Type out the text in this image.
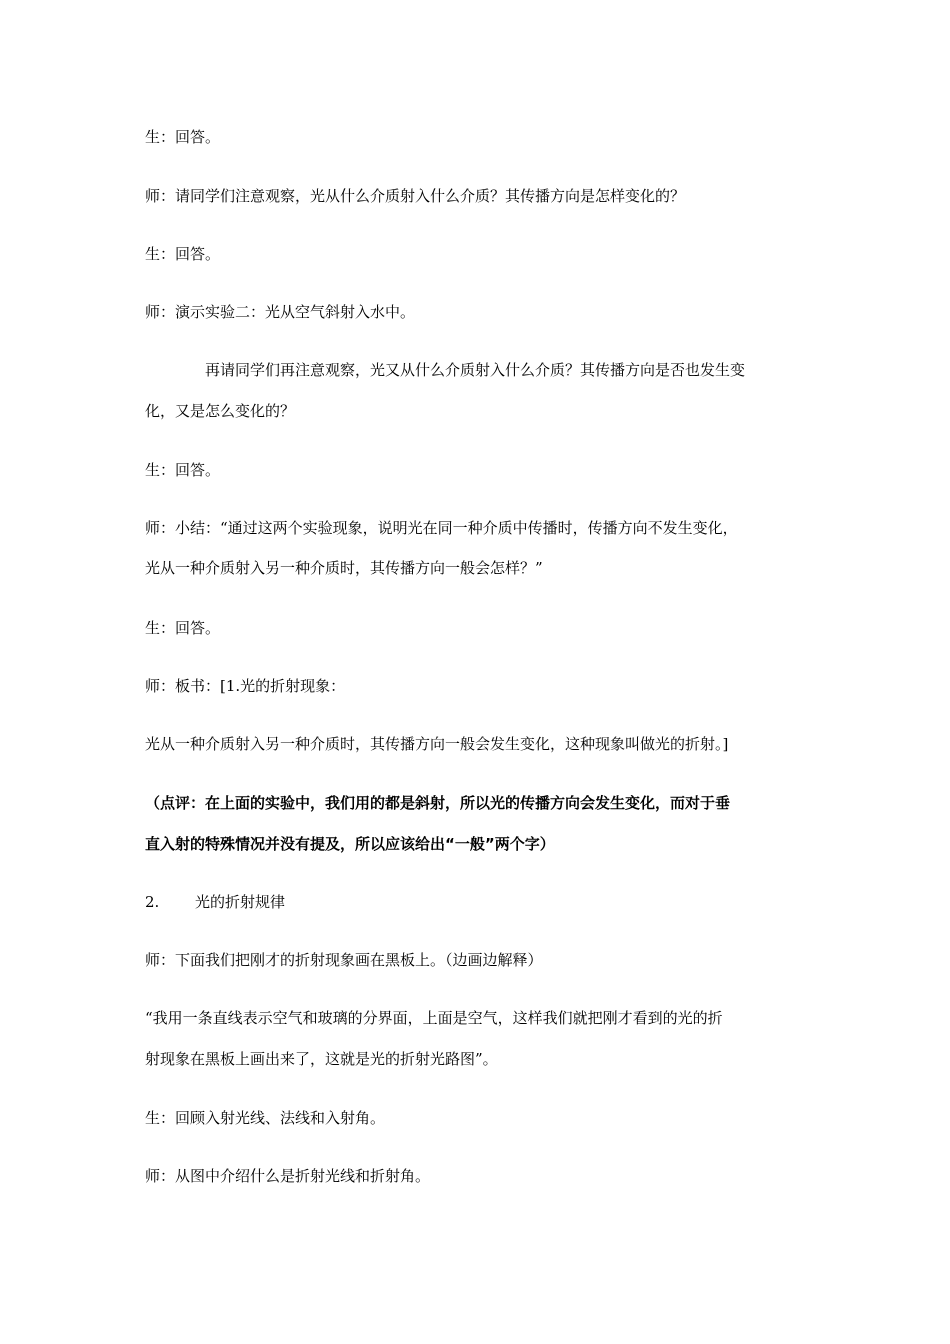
生：回答。
师：请同学们注意观察，光从什么介质射入什么介质？其传播方向是怎样变化的？
生：回答。
师：演示实验二：光从空气斜射入水中。
再请同学们再注意观察，光又从什么介质射入什么介质？其传播方向是否也发生变
化，又是怎么变化的？
生：回答。
师：小结：“通过这两个实验现象，说明光在同一种介质中传播时，传播方向不发生变化，
光从一种介质射入另一种介质时，其传播方向一般会怎样？”
生：回答。
师：板书：[1.光的折射现象：
光从一种介质射入另一种介质时，其传播方向一般会发生变化，这种现象叫做光的折射。]
（点评：在上面的实验中，我们用的都是斜射，所以光的传播方向会发生变化，而对于垂
直入射的特殊情况并没有提及，所以应该给出“一般”两个字）
2. 光的折射规律
师：下面我们把刚才的折射现象画在黑板上。（边画边解释）
“我用一条直线表示空气和玻璃的分界面，上面是空气，这样我们就把刚才看到的光的折
射现象在黑板上画出来了，这就是光的折射光路图”。
生：回顾入射光线、法线和入射角。
师：从图中介绍什么是折射光线和折射角。
